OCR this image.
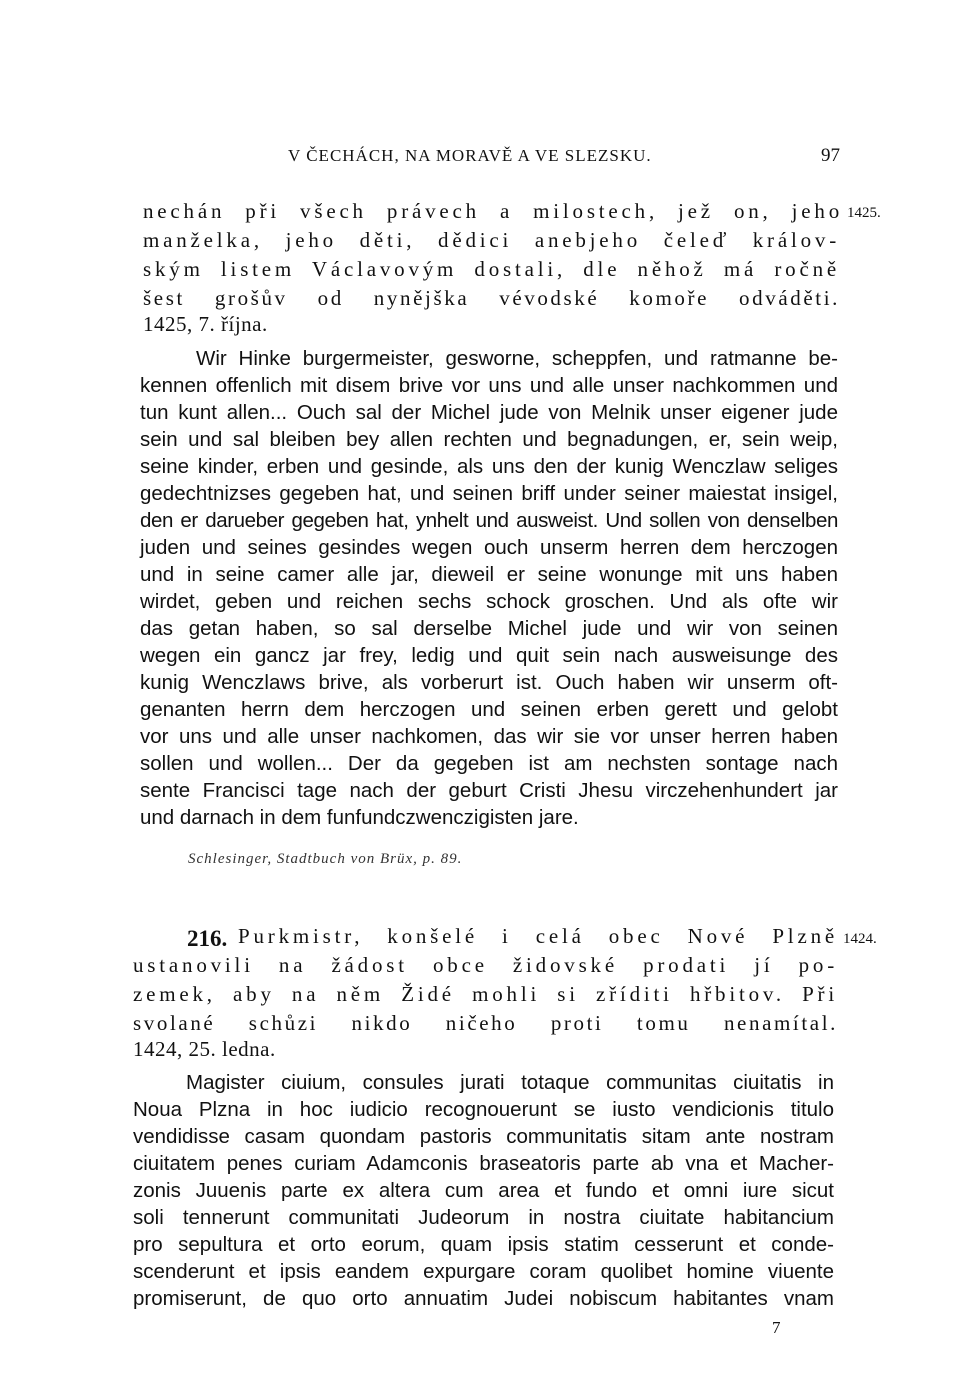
V ČECHÁCH, NA MORAVĚ A VE SLEZSKU.	97
nechán při všech právech a milostech, jež on, jeho 1425.
manželka, jeho děti, dědici anebjeho čeleď králov-
ským listem Václavovým dostali, dle něhož má ročně
šest grošův od nynějška vévodské komoře odváděti.
1425, 7. října.
Wir Hinke burgermeister, gesworne, scheppfen, und ratmanne be-
kennen offenlich mit disem brive vor uns und alle unser nachkommen und
tun kunt allen... Ouch sal der Michel jude von Melnik unser eigener jude
sein und sal bleiben bey allen rechten und begnadungen, er, sein weip,
seine kinder, erben und gesinde, als uns den der kunig Wenczlaw seliges
gedechtnizses gegeben hat, und seinen briff under seiner maiestat insigel,
den er darueber gegeben hat, ynhelt und ausweist. Und sollen von denselben
juden und seines gesindes wegen ouch unserm herren dem herczogen
und in seine camer alle jar, dieweil er seine wonunge mit uns haben
wirdet, geben und reichen sechs schock groschen. Und als ofte wir
das getan haben, so sal derselbe Michel jude und wir von seinen
wegen ein gancz jar frey, ledig und quit sein nach ausweisunge des
kunig Wenczlaws brive, als vorberurt ist. Ouch haben wir unserm oft-
genanten herrn dem herczogen und seinen erben gerett und gelobt
vor uns und alle unser nachkomen, das wir sie vor unser herren haben
sollen und wollen... Der da gegeben ist am nechsten sontage nach
sente Francisci tage nach der geburt Cristi Jhesu virczehenhundert jar
und darnach in dem funfundczwenczigisten jare.
Schlesinger, Stadtbuch von Brüx, p. 89.
216. Purkmistr, konšelé i celá obec Nové Plzně 1424.
ustanovili na žádost obce židovské prodati jí po-
zemek, aby na něm Židé mohli si zříditi hřbitov. Při
svolané schůzi nikdo ničeho proti tomu nenamítal.
1424, 25. ledna.
Magister ciuium, consules jurati totaque communitas ciuitatis in
Noua Plzna in hoc iudicio recognouerunt se iusto vendicionis titulo
vendidisse casam quondam pastoris communitatis sitam ante nostram
ciuitatem penes curiam Adamconis braseatoris parte ab vna et Macher-
zonis Juuenis parte ex altera cum area et fundo et omni iure sicut
soli tennerunt communitati Judeorum in nostra ciuitate habitancium
pro sepultura et orto eorum, quam ipsis statim cesserunt et conde-
scenderunt et ipsis eandem expurgare coram quolibet homine viuente
promiserunt, de quo orto annuatim Judei nobiscum habitantes vnam
7
